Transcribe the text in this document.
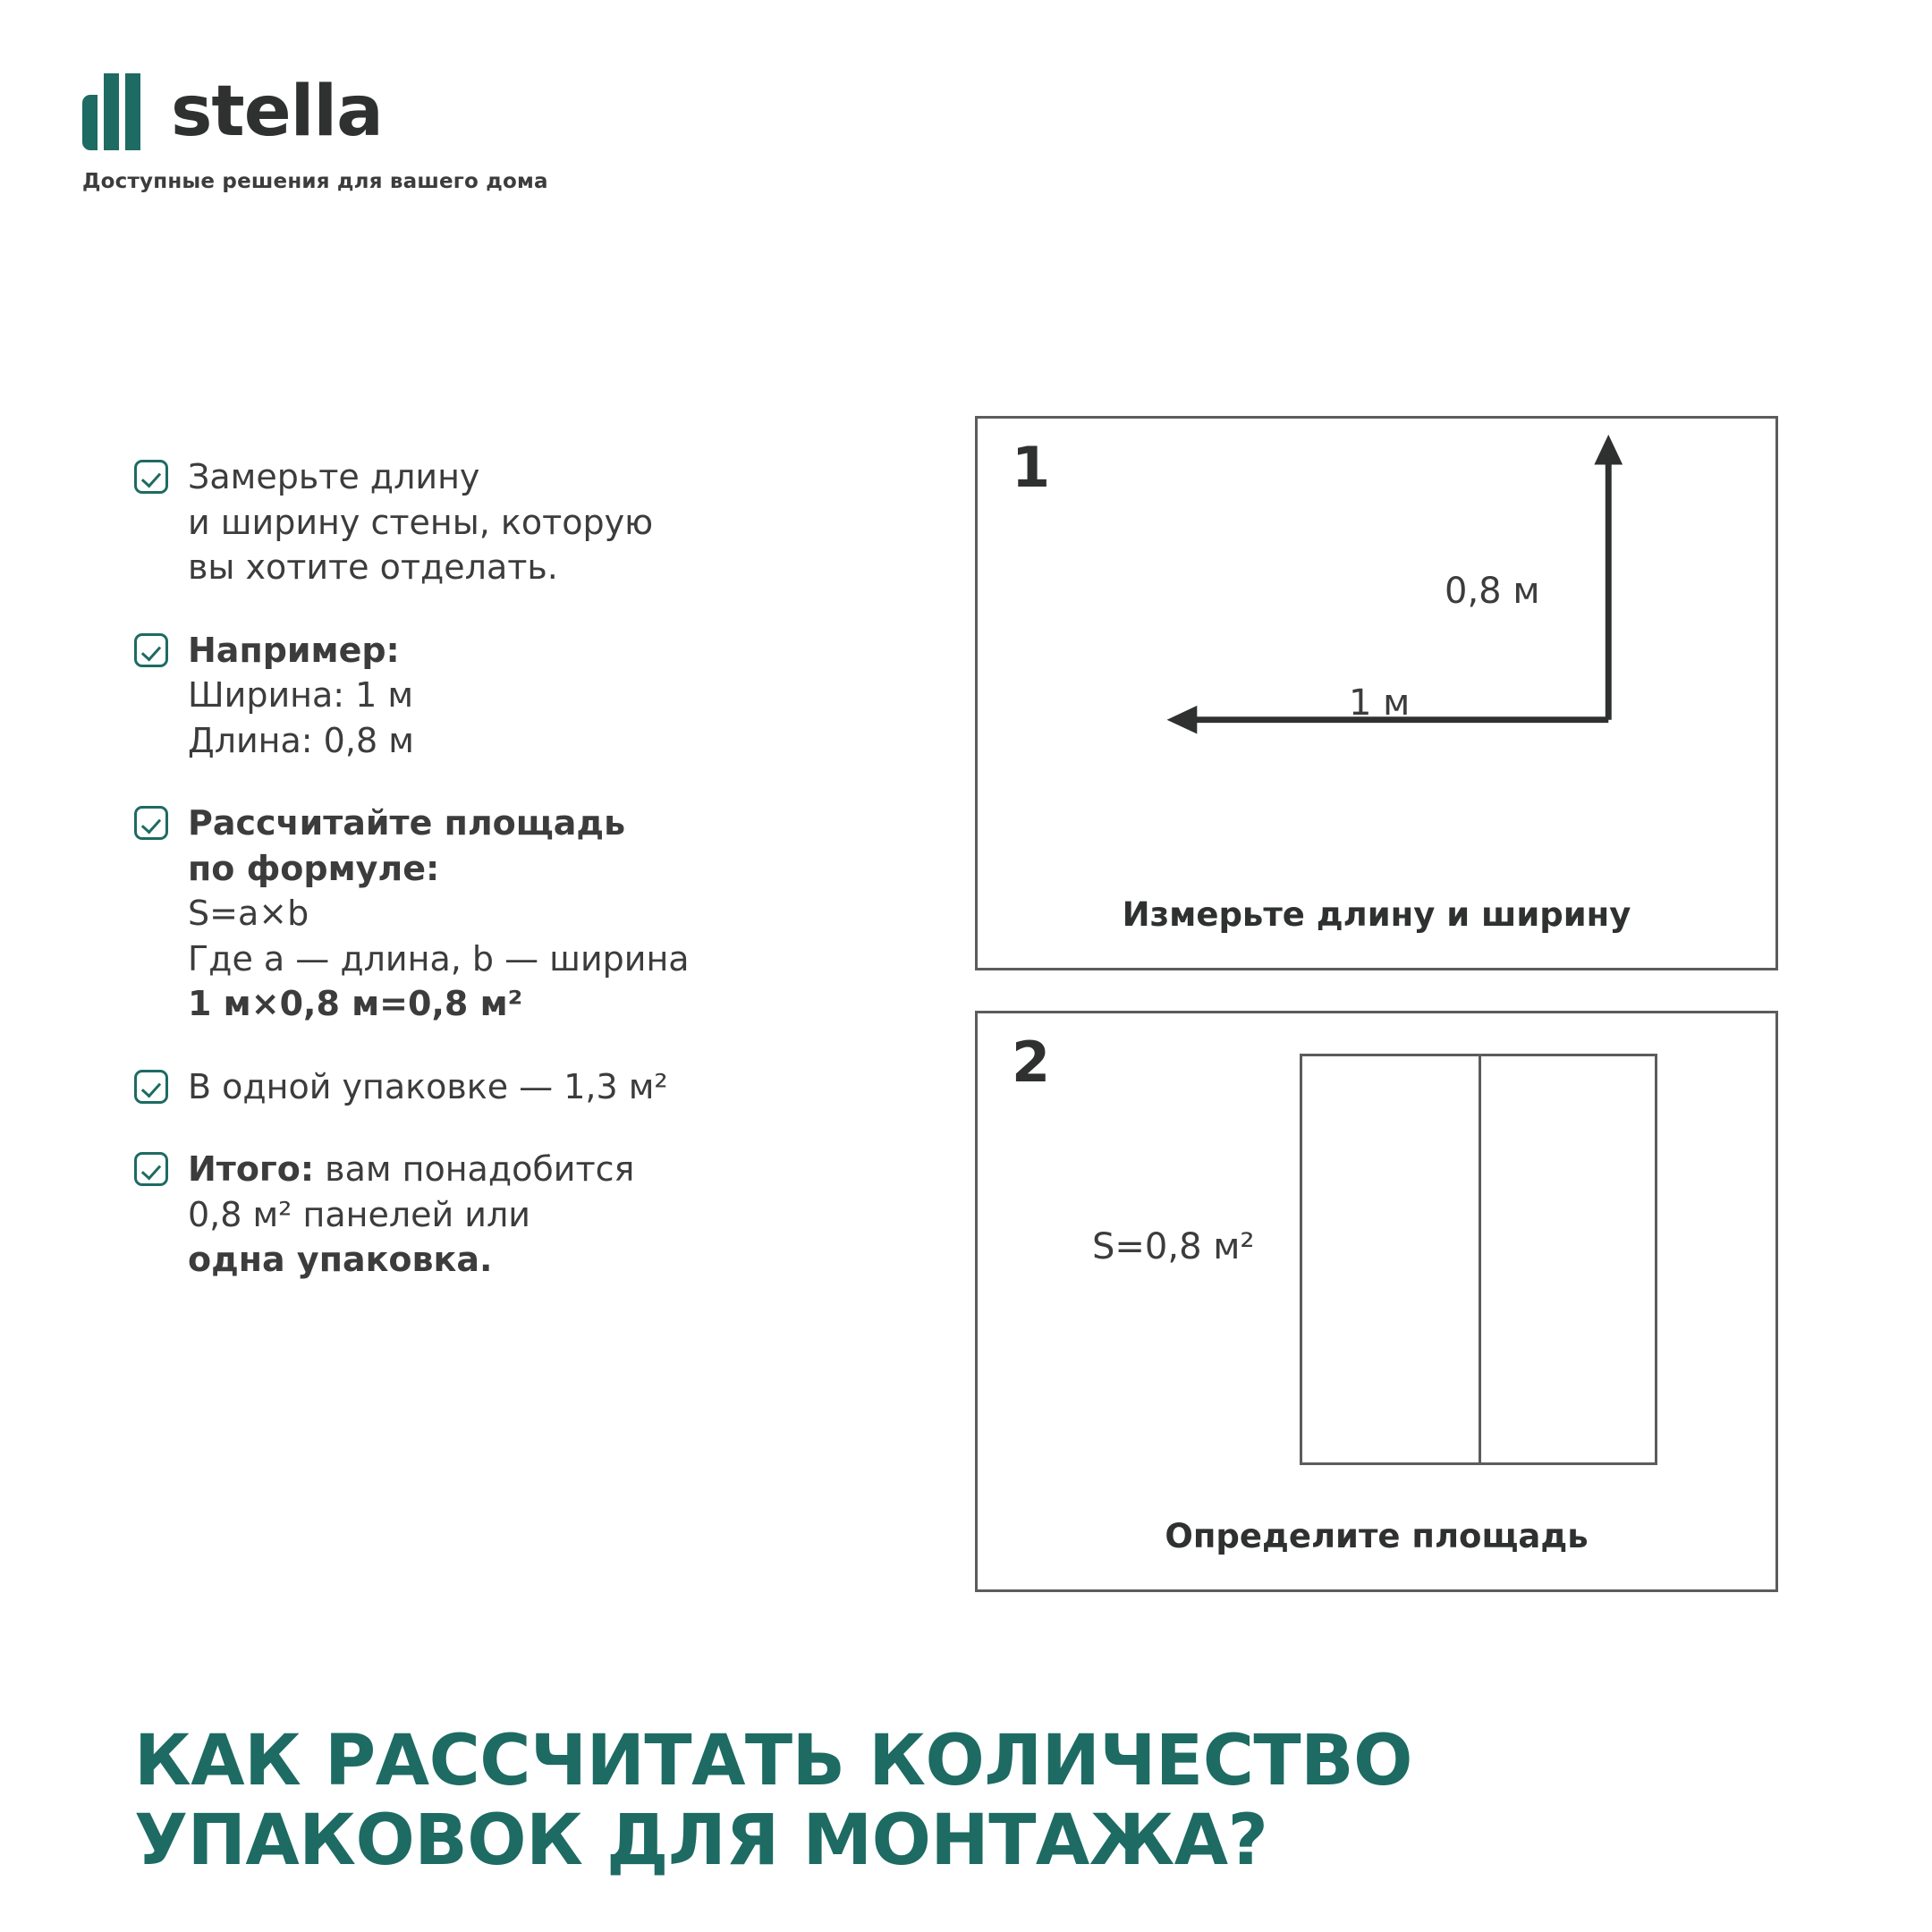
stella
Доступные решения для вашего дома
Замерьте длину
и ширину стены, которую
вы хотите отделать.
Например:
Ширина: 1 м
Длина: 0,8 м
Рассчитайте площадь
по формуле:
S=a×b
Где a — длина, b — ширина
1 м×0,8 м=0,8 м²
В одной упаковке — 1,3 м²
Итого: вам понадобится
0,8 м² панелей или
одна упаковка.
1
0,8 м
1 м
Измерьте длину и ширину
2
S=0,8 м²
Определите площадь
КАК РАССЧИТАТЬ КОЛИЧЕСТВО
УПАКОВОК ДЛЯ МОНТАЖА?
